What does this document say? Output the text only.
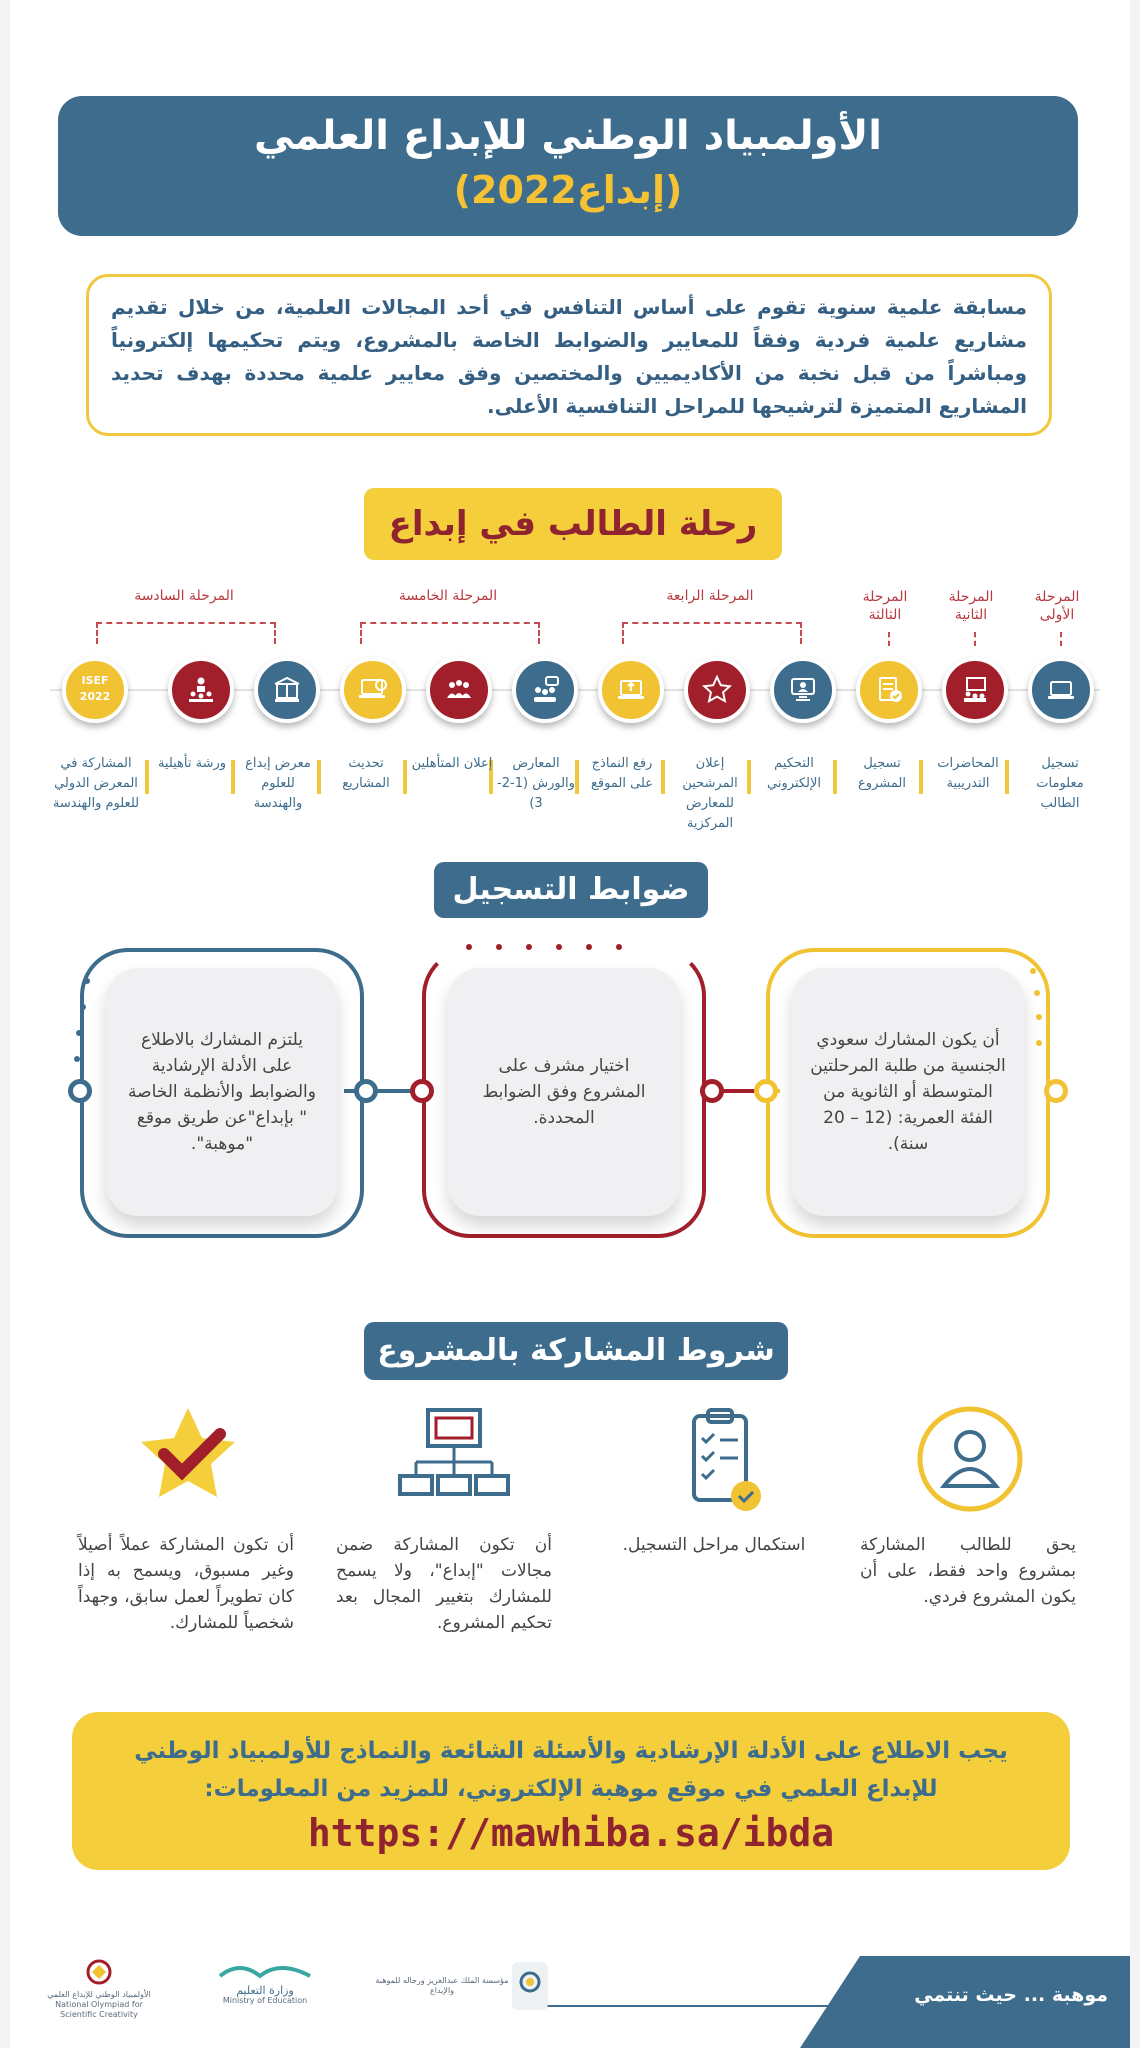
الأولمبياد الوطني للإبداع العلمي
(إبداع2022)

مسابقة علمية سنوية تقوم على أساس التنافس في أحد المجالات العلمية، من خلال تقديم مشاريع علمية فردية وفقاً للمعايير والضوابط الخاصة بالمشروع، ويتم تحكيمها إلكترونياً ومباشراً من قبل نخبة من الأكاديميين والمختصين وفق معايير علمية محددة بهدف تحديد المشاريع المتميزة لترشيحها للمراحل التنافسية الأعلى.

رحلة الطالب في إبداع
المرحلة الأولى
المرحلة الثانية
المرحلة الثالثة
المرحلة الرابعة
المرحلة الخامسة
المرحلة السادسة
ISEF 2022
تسجيل معلومات الطالب
المحاضرات التدريبية
تسجيل المشروع
التحكيم الإلكتروني
إعلان المرشحين للمعارض المركزية
رفع النماذج على الموقع
المعارض والورش (1-2-3)
إعلان المتأهلين
تحديث المشاريع
معرض إبداع للعلوم والهندسة
ورشة تأهيلية
المشاركة في المعرض الدولي للعلوم والهندسة
ضوابط التسجيل

أن يكون المشارك سعودي الجنسية من طلبة المرحلتين المتوسطة أو الثانوية من الفئة العمرية: (12 – 20 سنة).

اختيار مشرف على المشروع وفق الضوابط المحددة.

يلتزم المشارك بالاطلاع على الأدلة الإرشادية والضوابط والأنظمة الخاصة " بإبداع"عن طريق موقع "موهبة".

شروط المشاركة بالمشروع
يحق للطالب المشاركة بمشروع واحد فقط، على أن يكون المشروع فردي.
استكمال مراحل التسجيل.
أن تكون المشاركة ضمن مجالات "إبداع"، ولا يسمح للمشارك بتغيير المجال بعد تحكيم المشروع.
أن تكون المشاركة عملاً أصيلاً وغير مسبوق، ويسمح به إذا كان تطويراً لعمل سابق، وجهداً شخصياً للمشارك.
يجب الاطلاع على الأدلة الإرشادية والأسئلة الشائعة والنماذج للأولمبياد الوطني
للإبداع العلمي في موقع موهبة الإلكتروني، للمزيد من المعلومات:
https://mawhiba.sa/ibda
موهبة ... حيث تنتمي
مؤسسة الملك عبدالعزيز ورجاله للموهبة والإبداع
وزارة التعليم
Ministry of Education
الأولمبياد الوطني للإبداع العلمي
National Olympiad for Scientific Creativity
